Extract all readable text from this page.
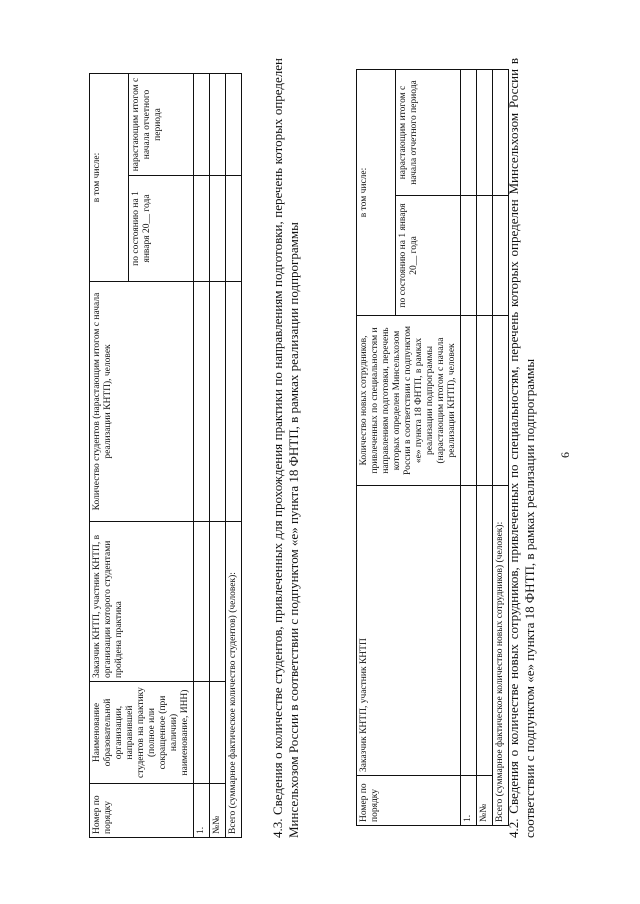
6
4.2. Сведения о количестве новых сотрудников, привлеченных по специальностям, перечень которых определен Минсельхозом России в соответствии с подпунктом «е» пункта 18 ФНТП, в рамках реализации подпрограммы
Номер по порядку	Заказчик КНТП, участник КНТП	Количество новых сотрудников, привлеченных по специальностям и направлениям подготовки, перечень которых определен Минсельхозом России в соответствии с подпунктом «е» пункта 18 ФНТП, в рамках реализации подпрограммы (нарастающим итогом с начала реализации КНТП), человек	в том числе:	
			по состоянию на 1 января 20__ года	нарастающим итогом с начала отчетного периода
1.				
№№				
Всего (суммарное фактическое количество новых сотрудников) (человек):				
4.3. Сведения о количестве студентов, привлеченных для прохождения практики по направлениям подготовки, перечень которых определен Минсельхозом России в соответствии с подпунктом «е» пункта 18 ФНТП, в рамках реализации подпрограммы
Номер по порядку	Наименование образовательной организации, направившей студентов на практику (полное или сокращенное (при наличии) наименование, ИНН)	Заказчик КНТП, участник КНТП, в организации которого студентами пройдена практика	Количество студентов (нарастающим итогом с начала реализации КНТП), человек	в том числе:	
				по состоянию на 1 января 20__ года	нарастающим итогом с начала отчетного периода
1.					
№№					
Всего (суммарное фактическое количество студентов) (человек):					
